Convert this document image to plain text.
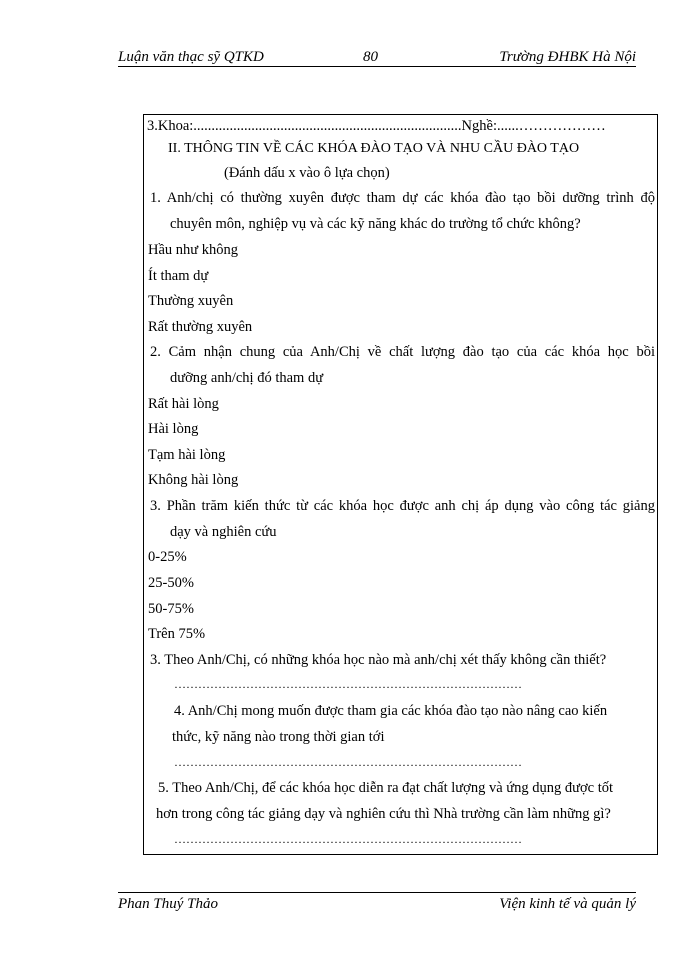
Luận văn thạc sỹ QTKD	80	Trường ĐHBK Hà Nội
3.Khoa:..........................................................................Nghề:......………………
II. THÔNG TIN VỀ CÁC KHÓA ĐÀO TẠO VÀ NHU CẦU ĐÀO TẠO
(Đánh dấu x vào ô lựa chọn)
1. Anh/chị có thường xuyên được tham dự các khóa đào tạo bồi dưỡng trình độ
chuyên môn, nghiệp vụ và các kỹ năng khác do trường tổ chức không?
Hầu như không
Ít tham dự
Thường xuyên
Rất thường xuyên
2. Cảm nhận chung của Anh/Chị về chất lượng đào tạo của các khóa học bồi
dưỡng anh/chị đó tham dự
Rất hài lòng
Hài lòng
Tạm hài lòng
Không hài lòng
3. Phần trăm kiến thức từ các khóa học được anh chị áp dụng vào công tác giảng
dạy và nghiên cứu
0-25%
25-50%
50-75%
Trên 75%
3. Theo Anh/Chị, có những khóa học nào mà anh/chị xét thấy không cần thiết?
……………………………………………………………………………
4. Anh/Chị mong muốn được tham gia các khóa đào tạo nào nâng cao kiến
thức, kỹ năng nào trong thời gian tới
……………………………………………………………………………
5. Theo Anh/Chị, để các khóa học diễn ra đạt chất lượng và ứng dụng được tốt
hơn trong công tác giảng dạy và nghiên cứu thì Nhà trường cần làm những gì?
……………………………………………………………………………
Phan Thuý Thảo	Viện kinh tế và quản lý
